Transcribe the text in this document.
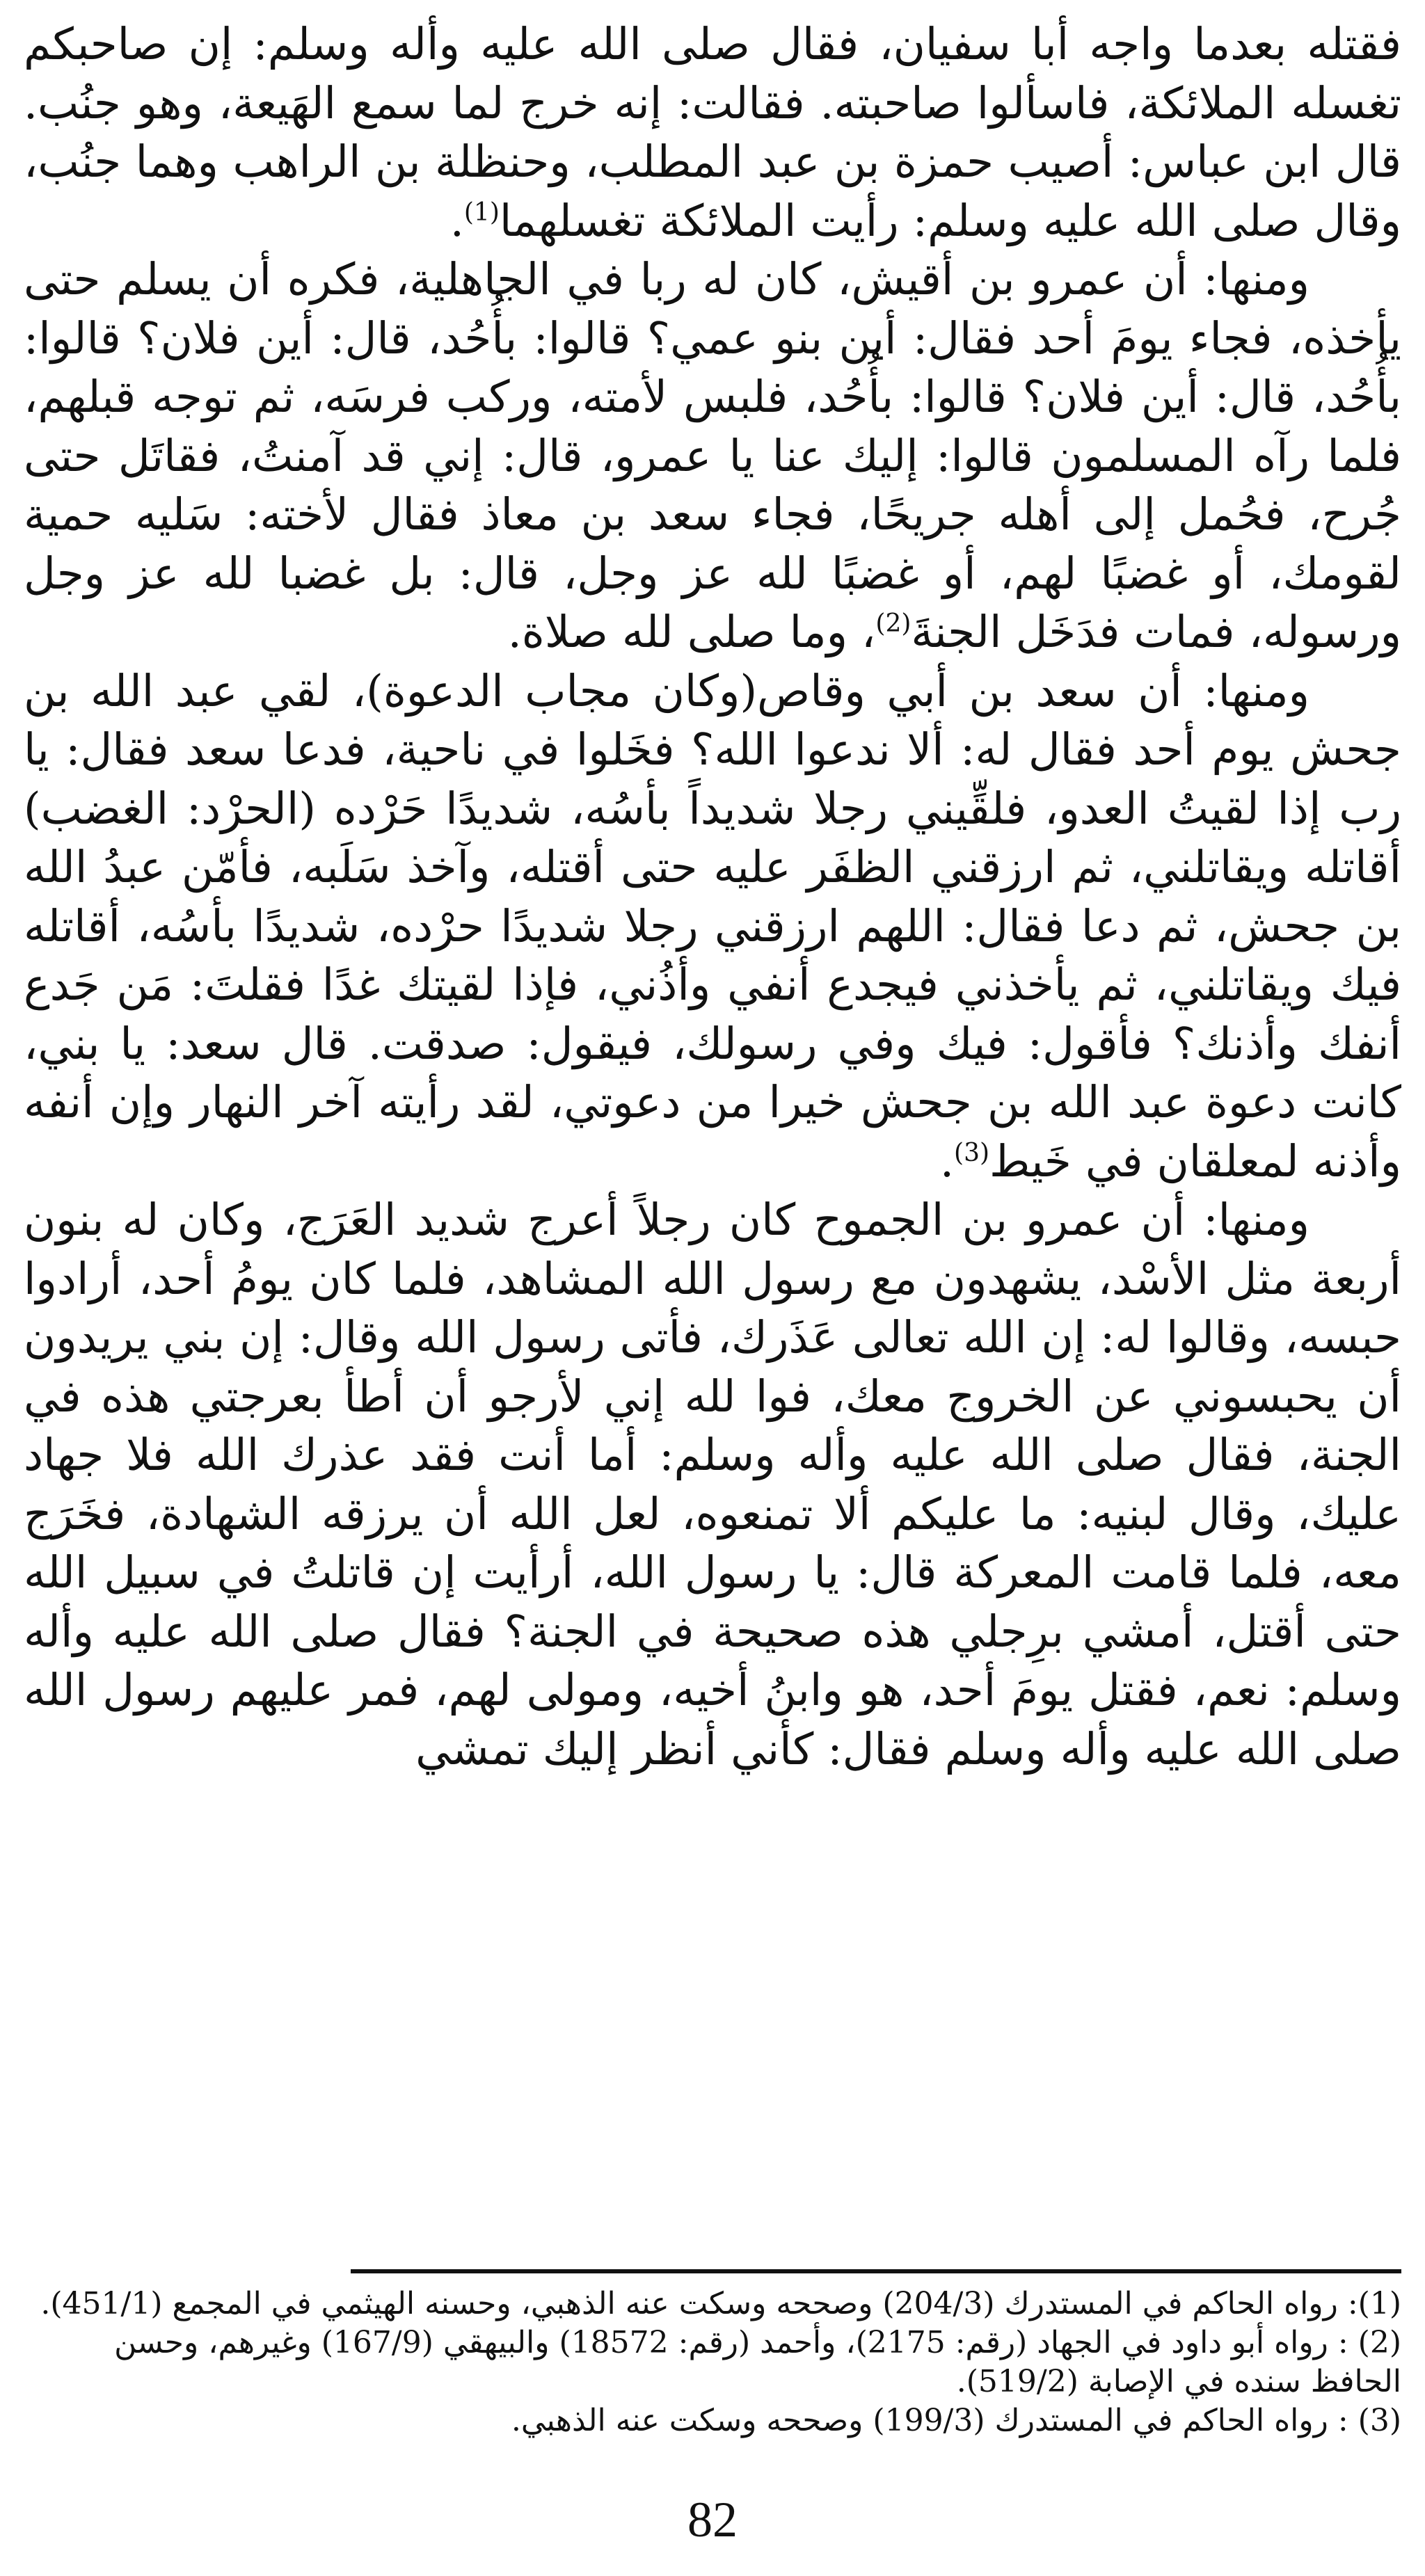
فقتله بعدما واجه أبا سفيان، فقال صلى الله عليه وأله وسلم: إن صاحبكم تغسله الملائكة، فاسألوا صاحبته. فقالت: إنه خرج لما سمع الهَيعة، وهو جنُب. قال ابن عباس: أصيب حمزة بن عبد المطلب، وحنظلة بن الراهب وهما جنُب، وقال صلى الله عليه وسلم: رأيت الملائكة تغسلهما$^{(1)}$.

ومنها: أن عمرو بن أقيش، كان له ربا في الجاهلية، فكره أن يسلم حتى يأخذه، فجاء يومَ أحد فقال: أين بنو عمي؟ قالوا: بأُحُد، قال: أين فلان؟ قالوا: بأُحُد، قال: أين فلان؟ قالوا: بأُحُد، فلبس لأمته، وركب فرسَه، ثم توجه قبلهم، فلما رآه المسلمون قالوا: إليك عنا يا عمرو، قال: إني قد آمنتُ، فقاتَل حتى جُرح، فحُمل إلى أهله جريحًا، فجاء سعد بن معاذ فقال لأخته: سَليه حمية لقومك، أو غضبًا لهم، أو غضبًا لله عز وجل، قال: بل غضبا لله عز وجل ورسوله، فمات فدَخَل الجنةَ$^{(2)}$، وما صلى لله صلاة.

ومنها: أن سعد بن أبي وقاص(وكان مجاب الدعوة)، لقي عبد الله بن جحش يوم أحد فقال له: ألا ندعوا الله؟ فخَلوا في ناحية، فدعا سعد فقال: يا رب إذا لقيتُ العدو، فلقِّيني رجلا شديداً بأسُه، شديدًا حَرْده (الحرْد: الغضب) أقاتله ويقاتلني، ثم ارزقني الظفَر عليه حتى أقتله، وآخذ سَلَبه، فأمّن عبدُ الله بن جحش، ثم دعا فقال: اللهم ارزقني رجلا شديدًا حرْده، شديدًا بأسُه، أقاتله فيك ويقاتلني، ثم يأخذني فيجدع أنفي وأذُني، فإذا لقيتك غدًا فقلتَ: مَن جَدع أنفك وأذنك؟ فأقول: فيك وفي رسولك، فيقول: صدقت. قال سعد: يا بني، كانت دعوة عبد الله بن جحش خيرا من دعوتي، لقد رأيته آخر النهار وإن أنفه وأذنه لمعلقان في خَيط$^{(3)}$.

ومنها: أن عمرو بن الجموح كان رجلاً أعرج شديد العَرَج، وكان له بنون أربعة مثل الأسْد، يشهدون مع رسول الله المشاهد، فلما كان يومُ أحد، أرادوا حبسه، وقالوا له: إن الله تعالى عَذَرك، فأتى رسول الله وقال: إن بني يريدون أن يحبسوني عن الخروج معك، فوا لله إني لأرجو أن أطأ بعرجتي هذه في الجنة، فقال صلى الله عليه وأله وسلم: أما أنت فقد عذرك الله فلا جهاد عليك، وقال لبنيه: ما عليكم ألا تمنعوه، لعل الله أن يرزقه الشهادة، فخَرَج معه، فلما قامت المعركة قال: يا رسول الله، أرأيت إن قاتلتُ في سبيل الله حتى أقتل، أمشي برِجلي هذه صحيحة في الجنة؟ فقال صلى الله عليه وأله وسلم: نعم، فقتل يومَ أحد، هو وابنُ أخيه، ومولى لهم، فمر عليهم رسول الله صلى الله عليه وأله وسلم فقال: كأني أنظر إليك تمشي

(1): رواه الحاكم في المستدرك (204/3) وصححه وسكت عنه الذهبي، وحسنه الهيثمي في المجمع (451/1).

(2) : رواه أبو داود في الجهاد (رقم: 2175)، وأحمد (رقم: 18572) والبيهقي (167/9) وغيرهم، وحسن الحافظ سنده في الإصابة (519/2).

(3) : رواه الحاكم في المستدرك (199/3) وصححه وسكت عنه الذهبي.

82
